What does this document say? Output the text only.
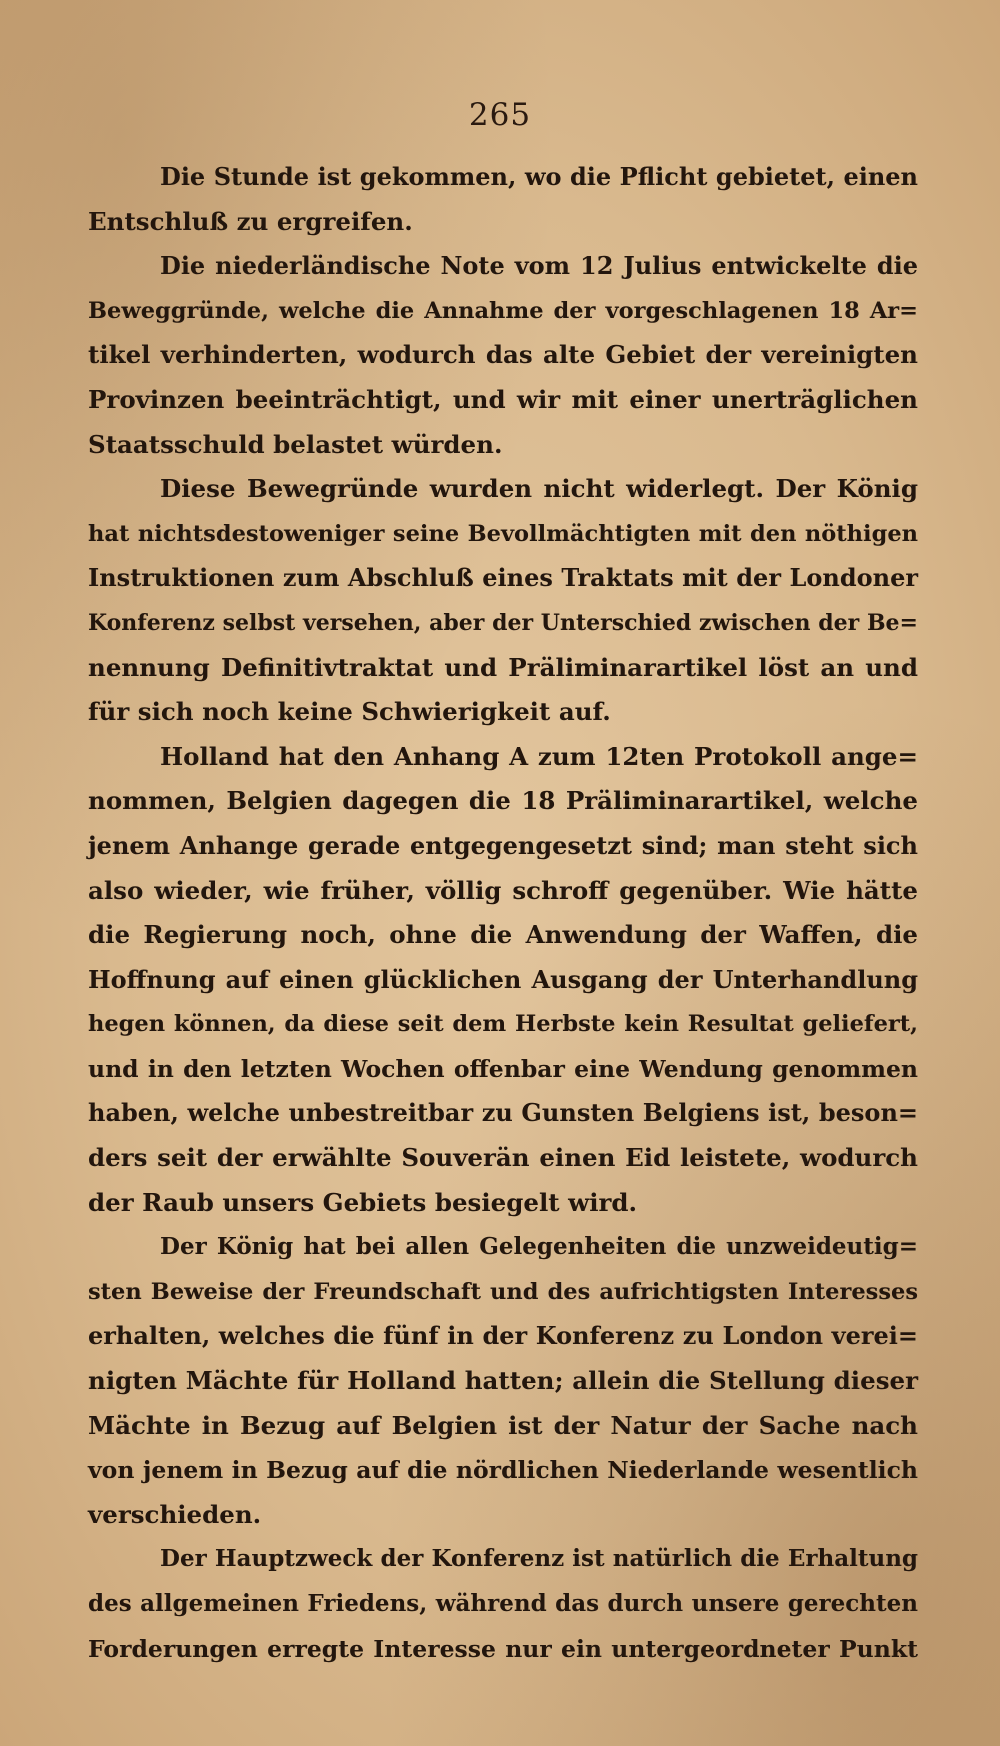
265
Die Stunde ist gekommen, wo die Pflicht gebietet, einen
Entschluß zu ergreifen.
Die niederländische Note vom 12 Julius entwickelte die
Beweggründe, welche die Annahme der vorgeschlagenen 18 Ar=
tikel verhinderten, wodurch das alte Gebiet der vereinigten
Provinzen beeinträchtigt, und wir mit einer unerträglichen
Staatsschuld belastet würden.
Diese Bewegründe wurden nicht widerlegt. Der König
hat nichtsdestoweniger seine Bevollmächtigten mit den nöthigen
Instruktionen zum Abschluß eines Traktats mit der Londoner
Konferenz selbst versehen, aber der Unterschied zwischen der Be=
nennung Definitivtraktat und Präliminarartikel löst an und
für sich noch keine Schwierigkeit auf.
Holland hat den Anhang A zum 12ten Protokoll ange=
nommen, Belgien dagegen die 18 Präliminarartikel, welche
jenem Anhange gerade entgegengesetzt sind; man steht sich
also wieder, wie früher, völlig schroff gegenüber. Wie hätte
die Regierung noch, ohne die Anwendung der Waffen, die
Hoffnung auf einen glücklichen Ausgang der Unterhandlung
hegen können, da diese seit dem Herbste kein Resultat geliefert,
und in den letzten Wochen offenbar eine Wendung genommen
haben, welche unbestreitbar zu Gunsten Belgiens ist, beson=
ders seit der erwählte Souverän einen Eid leistete, wodurch
der Raub unsers Gebiets besiegelt wird.
Der König hat bei allen Gelegenheiten die unzweideutig=
sten Beweise der Freundschaft und des aufrichtigsten Interesses
erhalten, welches die fünf in der Konferenz zu London verei=
nigten Mächte für Holland hatten; allein die Stellung dieser
Mächte in Bezug auf Belgien ist der Natur der Sache nach
von jenem in Bezug auf die nördlichen Niederlande wesentlich
verschieden.
Der Hauptzweck der Konferenz ist natürlich die Erhaltung
des allgemeinen Friedens, während das durch unsere gerechten
Forderungen erregte Interesse nur ein untergeordneter Punkt
